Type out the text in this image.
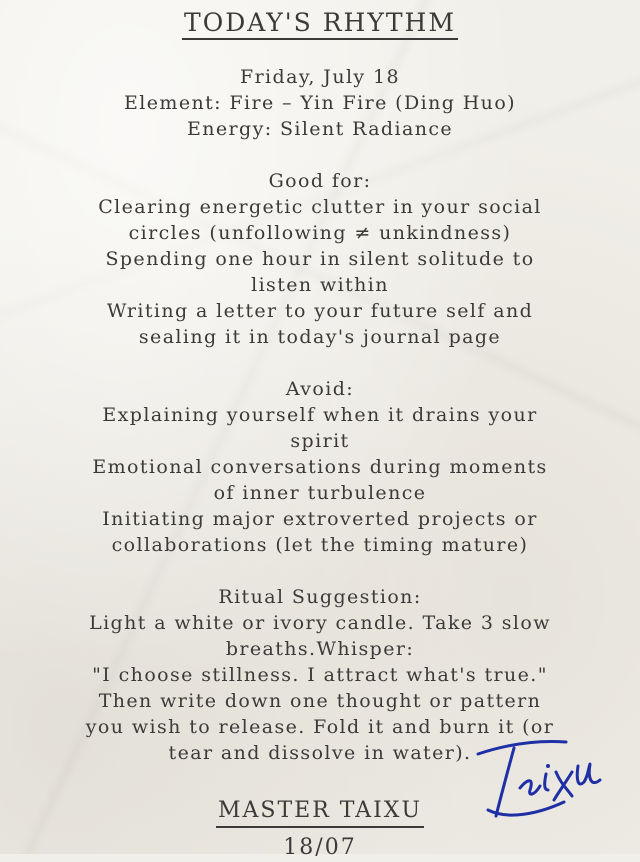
TODAY'S RHYTHM
Friday, July 18
Element: Fire – Yin Fire (Ding Huo)
Energy: Silent Radiance
Good for:
Clearing energetic clutter in your social
circles (unfollowing ≠ unkindness)
Spending one hour in silent solitude to
listen within
Writing a letter to your future self and
sealing it in today's journal page
Avoid:
Explaining yourself when it drains your
spirit
Emotional conversations during moments
of inner turbulence
Initiating major extroverted projects or
collaborations (let the timing mature)
Ritual Suggestion:
Light a white or ivory candle. Take 3 slow
breaths.Whisper:
"I choose stillness. I attract what's true."
Then write down one thought or pattern
you wish to release. Fold it and burn it (or
tear and dissolve in water).
MASTER TAIXU
18/07
